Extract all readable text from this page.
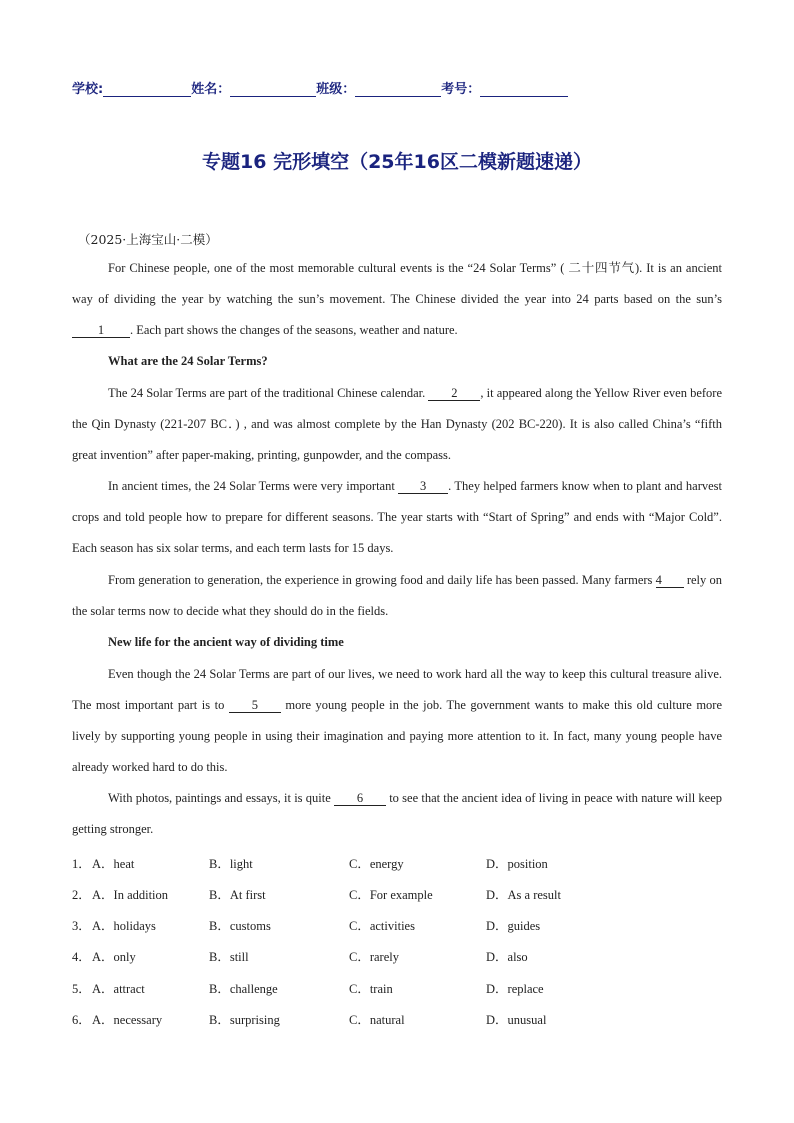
学校:	姓名：	班级：	考号：
专题16 完形填空（25年16区二模新题速递）
（2025·上海宝山·二模）
For Chinese people, one of the most memorable cultural events is the “24 Solar Terms” ( 二十四节气). It is an ancient way of dividing the year by watching the sun’s movement. The Chinese divided the year into 24 parts based on the sun’s 1 . Each part shows the changes of the seasons, weather and nature.
What are the 24 Solar Terms?
The 24 Solar Terms are part of the traditional Chinese calendar. 2 , it appeared along the Yellow River even before the Qin Dynasty (221-207 BC．) , and was almost complete by the Han Dynasty (202 BC-220). It is also called China’s “fifth great invention” after paper-making, printing, gunpowder, and the compass.
In ancient times, the 24 Solar Terms were very important 3 . They helped farmers know when to plant and harvest crops and told people how to prepare for different seasons. The year starts with “Start of Spring” and ends with “Major Cold”. Each season has six solar terms, and each term lasts for 15 days.
From generation to generation, the experience in growing food and daily life has been passed. Many farmers 4 rely on the solar terms now to decide what they should do in the fields.
New life for the ancient way of dividing time
Even though the 24 Solar Terms are part of our lives, we need to work hard all the way to keep this cultural treasure alive. The most important part is to 5 more young people in the job. The government wants to make this old culture more lively by supporting young people in using their imagination and paying more attention to it. In fact, many young people have already worked hard to do this.
With photos, paintings and essays, it is quite 6 to see that the ancient idea of living in peace with nature will keep getting stronger.
1． A．heat	B．light	C．energy	D．position
2． A．In addition	B．At first	C．For example	D．As a result
3． A．holidays	B．customs	C．activities	D．guides
4． A．only	B．still	C．rarely	D．also
5． A．attract	B．challenge	C．train	D．replace
6． A．necessary	B．surprising	C．natural	D．unusual
